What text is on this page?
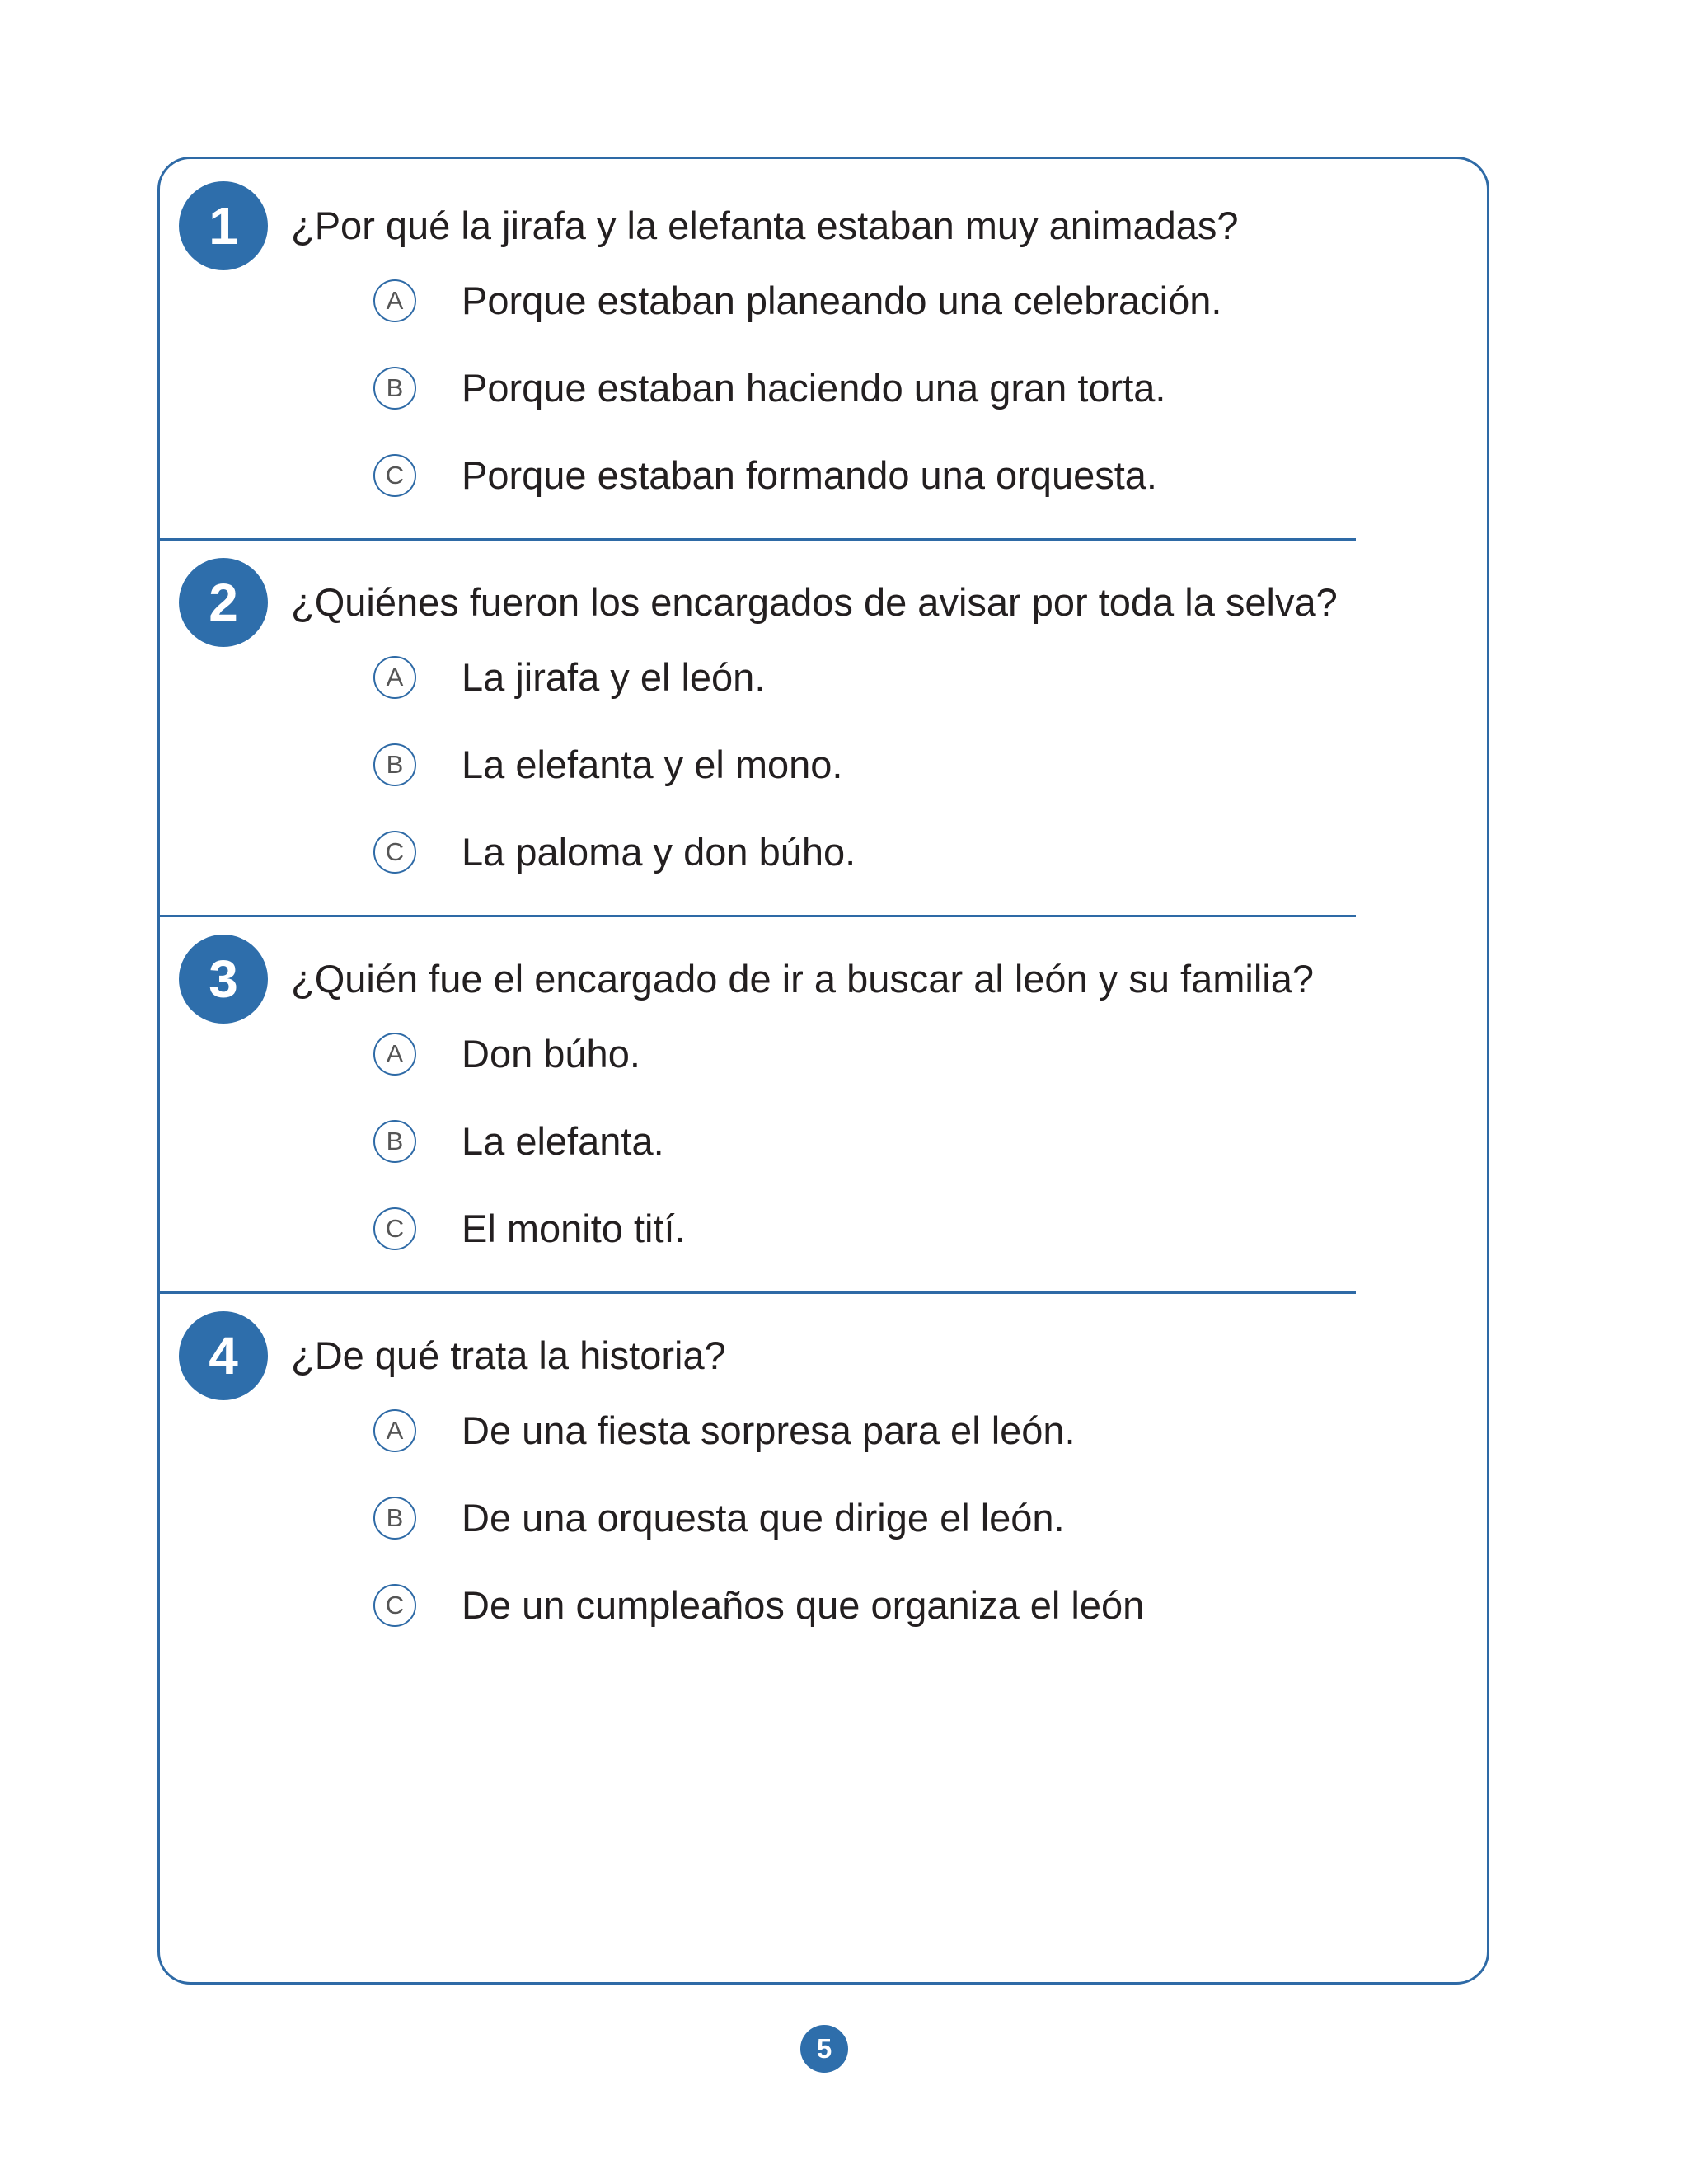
1	¿Por qué la jirafa y la elefanta estaban muy animadas?
A	Porque estaban planeando una celebración.
B	Porque estaban haciendo una gran torta.
C	Porque estaban formando una orquesta.
2	¿Quiénes fueron los encargados de avisar por toda la selva?
A	La jirafa y el león.
B	La elefanta y el mono.
C	La paloma y don búho.
3	¿Quién fue el encargado de ir a buscar al león y su familia?
A	Don búho.
B	La elefanta.
C	El monito tití.
4	¿De qué trata la historia?
A	De una fiesta sorpresa para el león.
B	De una orquesta que dirige el león.
C	De un cumpleaños que organiza el león
5
